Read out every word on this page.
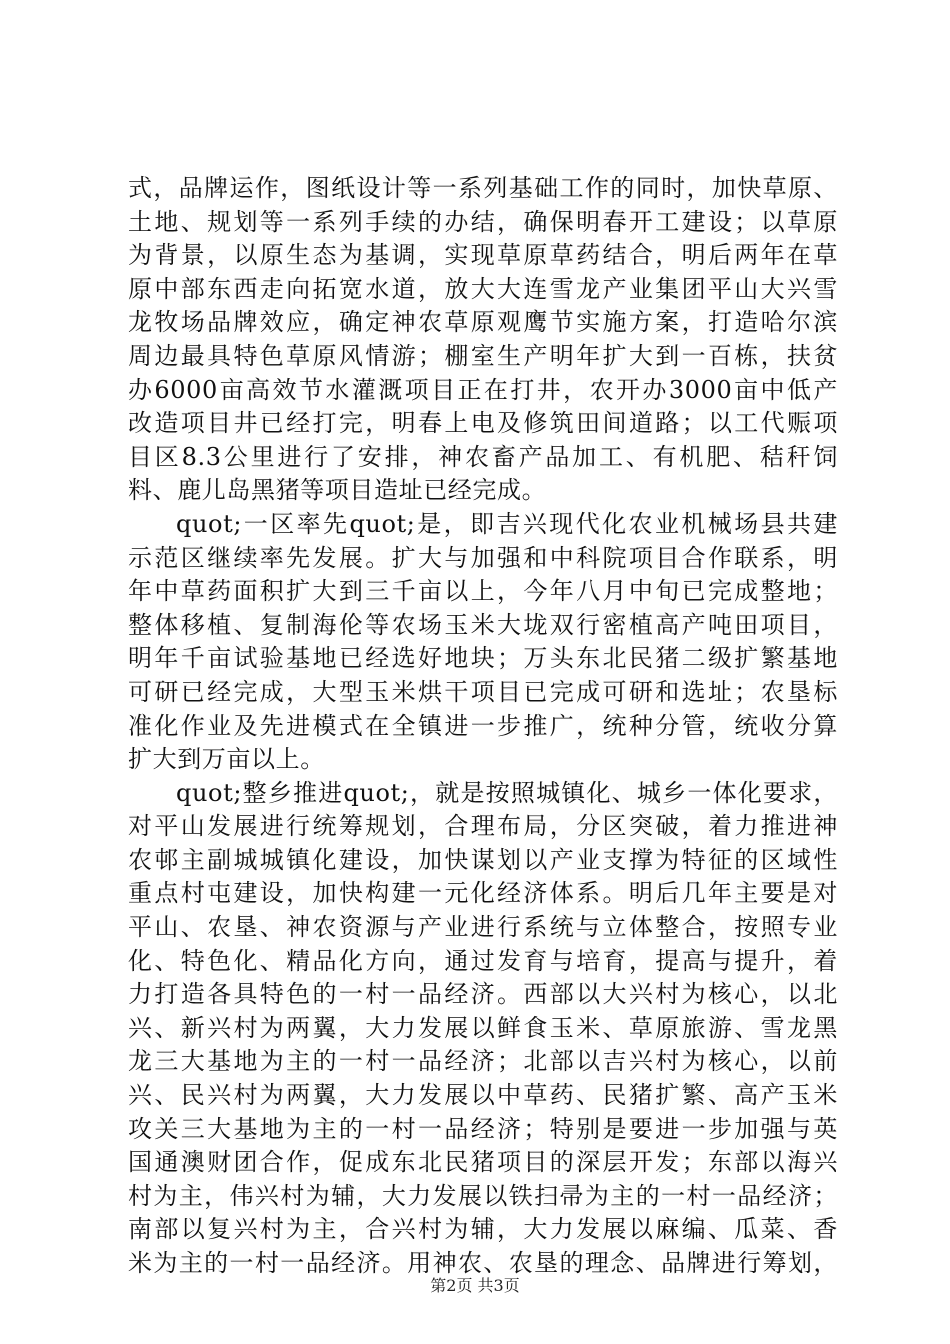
式，品牌运作，图纸设计等一系列基础工作的同时，加快草原、
土地、规划等一系列手续的办结，确保明春开工建设；以草原
为背景，以原生态为基调，实现草原草药结合，明后两年在草
原中部东西走向拓宽水道，放大大连雪龙产业集团平山大兴雪
龙牧场品牌效应，确定神农草原观鹰节实施方案，打造哈尔滨
周边最具特色草原风情游；棚室生产明年扩大到一百栋，扶贫
办6000亩高效节水灌溉项目正在打井，农开办3000亩中低产
改造项目井已经打完，明春上电及修筑田间道路；以工代赈项
目区8.3公里进行了安排，神农畜产品加工、有机肥、秸秆饲
料、鹿儿岛黑猪等项目造址已经完成。
quot;一区率先quot;是，即吉兴现代化农业机械场县共建
示范区继续率先发展。扩大与加强和中科院项目合作联系，明
年中草药面积扩大到三千亩以上，今年八月中旬已完成整地；
整体移植、复制海伦等农场玉米大垅双行密植高产吨田项目，
明年千亩试验基地已经选好地块；万头东北民猪二级扩繁基地
可研已经完成，大型玉米烘干项目已完成可研和选址；农垦标
准化作业及先进模式在全镇进一步推广，统种分管，统收分算
扩大到万亩以上。
quot;整乡推进quot;，就是按照城镇化、城乡一体化要求，
对平山发展进行统筹规划，合理布局，分区突破，着力推进神
农邨主副城城镇化建设，加快谋划以产业支撑为特征的区域性
重点村屯建设，加快构建一元化经济体系。明后几年主要是对
平山、农垦、神农资源与产业进行系统与立体整合，按照专业
化、特色化、精品化方向，通过发育与培育，提高与提升，着
力打造各具特色的一村一品经济。西部以大兴村为核心，以北
兴、新兴村为两翼，大力发展以鲜食玉米、草原旅游、雪龙黑
龙三大基地为主的一村一品经济；北部以吉兴村为核心，以前
兴、民兴村为两翼，大力发展以中草药、民猪扩繁、高产玉米
攻关三大基地为主的一村一品经济；特别是要进一步加强与英
国通澳财团合作，促成东北民猪项目的深层开发；东部以海兴
村为主，伟兴村为辅，大力发展以铁扫帚为主的一村一品经济；
南部以复兴村为主，合兴村为辅，大力发展以麻编、瓜菜、香
米为主的一村一品经济。用神农、农垦的理念、品牌进行筹划，
第2页 共3页
